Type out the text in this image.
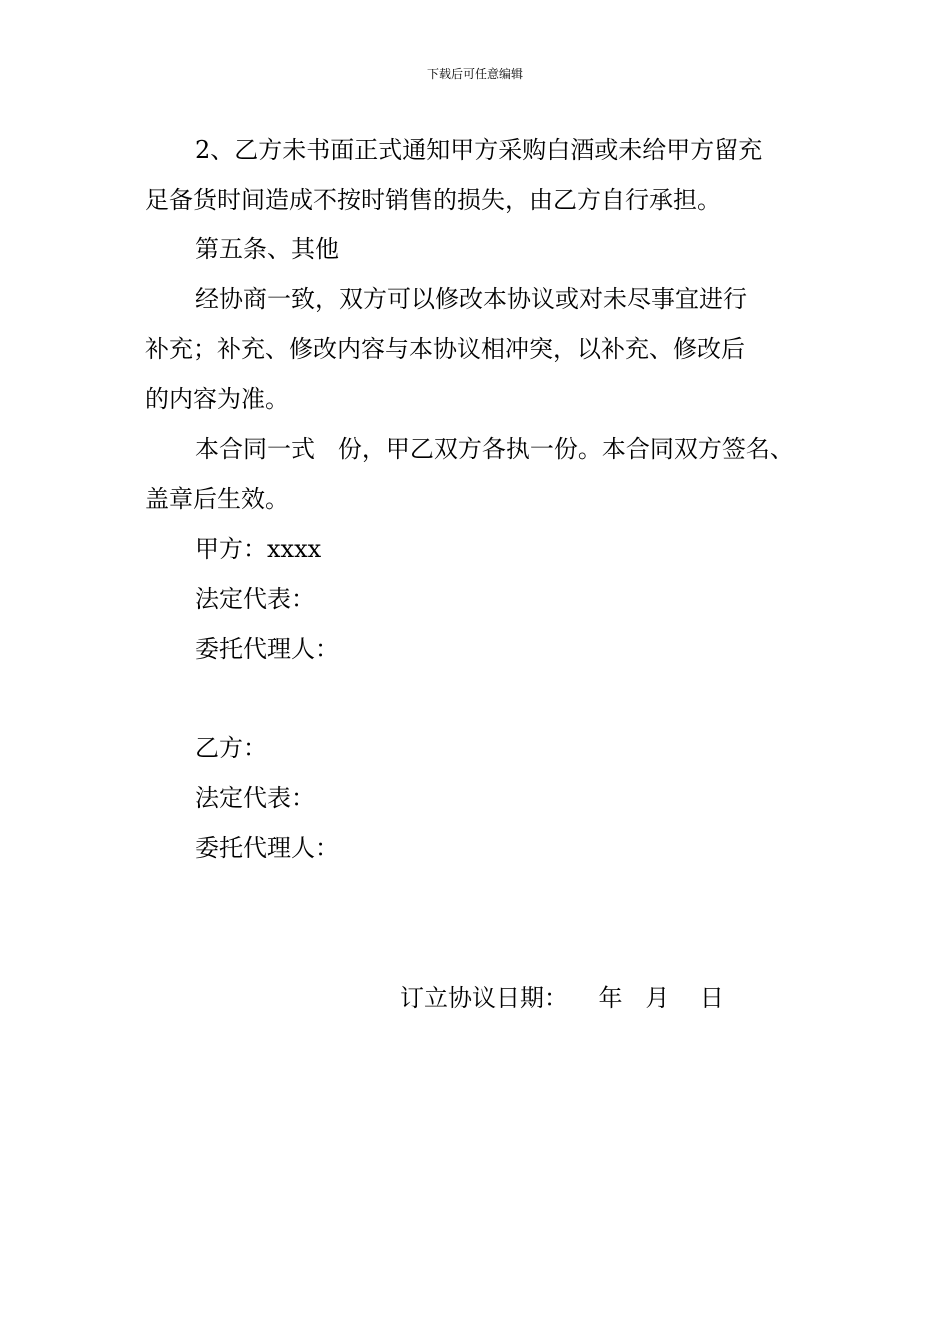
下载后可任意编辑
2、乙方未书面正式通知甲方采购白酒或未给甲方留充
足备货时间造成不按时销售的损失，由乙方自行承担。
第五条、其他
经协商一致，双方可以修改本协议或对未尽事宜进行
补充；补充、修改内容与本协议相冲突，以补充、修改后
的内容为准。
本合同一式   份，甲乙双方各执一份。本合同双方签名、
盖章后生效。
甲方：xxxx
法定代表：
委托代理人：
乙方：
法定代表：
委托代理人：
订立协议日期：    年   月    日
